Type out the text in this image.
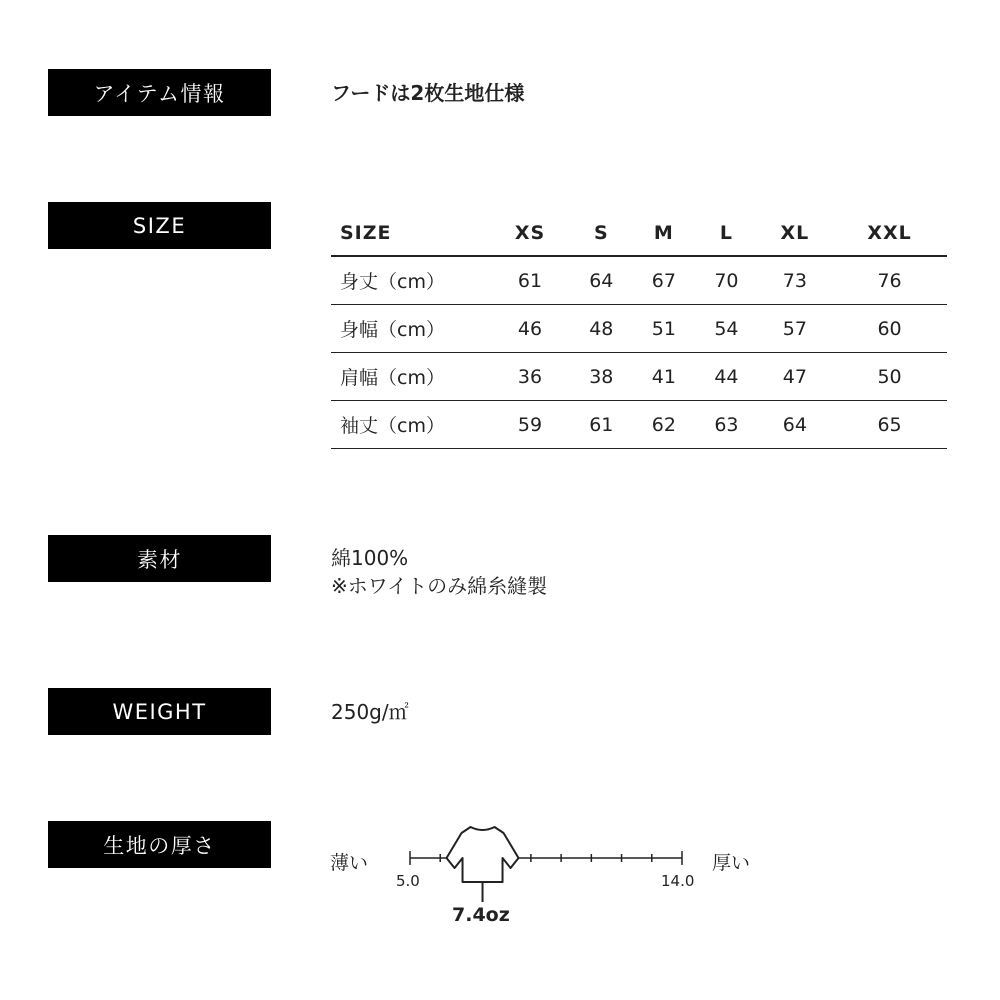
アイテム情報	フードは2枚生地仕様
SIZE	SIZE	XS	S	M	L	XL	XXL
身丈（cm）	61	64	67	70	73	76
身幅（cm）	46	48	51	54	57	60
肩幅（cm）	36	38	41	44	47	50
袖丈（cm）	59	61	62	63	64	65
素材	綿100%
※ホワイトのみ綿糸縫製
WEIGHT	250g/㎡
生地の厚さ
薄い	厚い
5.0	14.0
7.4oz
